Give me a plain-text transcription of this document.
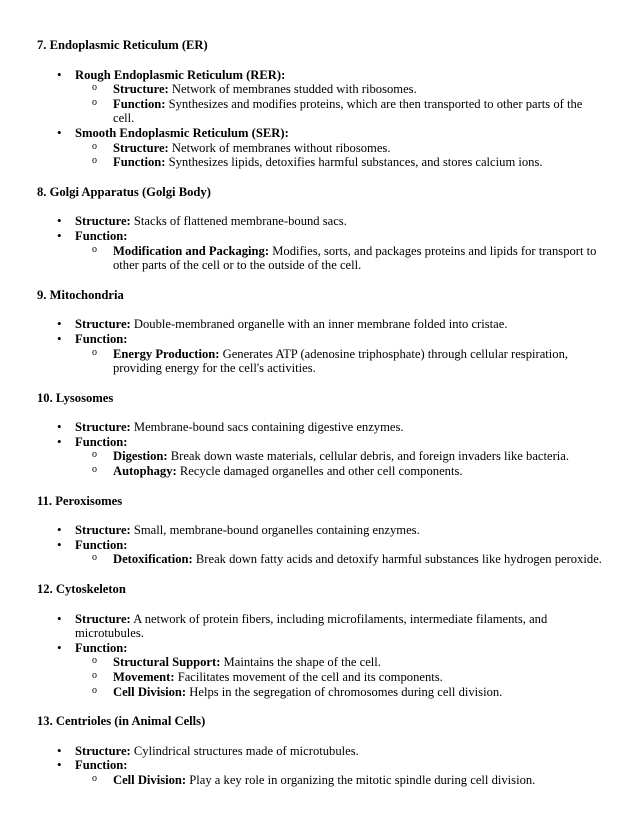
7. Endoplasmic Reticulum (ER)
• Rough Endoplasmic Reticulum (RER):
o Structure: Network of membranes studded with ribosomes.
o Function: Synthesizes and modifies proteins, which are then transported to other parts of the cell.
• Smooth Endoplasmic Reticulum (SER):
o Structure: Network of membranes without ribosomes.
o Function: Synthesizes lipids, detoxifies harmful substances, and stores calcium ions.
8. Golgi Apparatus (Golgi Body)
• Structure: Stacks of flattened membrane-bound sacs.
• Function:
o Modification and Packaging: Modifies, sorts, and packages proteins and lipids for transport to other parts of the cell or to the outside of the cell.
9. Mitochondria
• Structure: Double-membraned organelle with an inner membrane folded into cristae.
• Function:
o Energy Production: Generates ATP (adenosine triphosphate) through cellular respiration, providing energy for the cell's activities.
10. Lysosomes
• Structure: Membrane-bound sacs containing digestive enzymes.
• Function:
o Digestion: Break down waste materials, cellular debris, and foreign invaders like bacteria.
o Autophagy: Recycle damaged organelles and other cell components.
11. Peroxisomes
• Structure: Small, membrane-bound organelles containing enzymes.
• Function:
o Detoxification: Break down fatty acids and detoxify harmful substances like hydrogen peroxide.
12. Cytoskeleton
• Structure: A network of protein fibers, including microfilaments, intermediate filaments, and microtubules.
• Function:
o Structural Support: Maintains the shape of the cell.
o Movement: Facilitates movement of the cell and its components.
o Cell Division: Helps in the segregation of chromosomes during cell division.
13. Centrioles (in Animal Cells)
• Structure: Cylindrical structures made of microtubules.
• Function:
o Cell Division: Play a key role in organizing the mitotic spindle during cell division.
